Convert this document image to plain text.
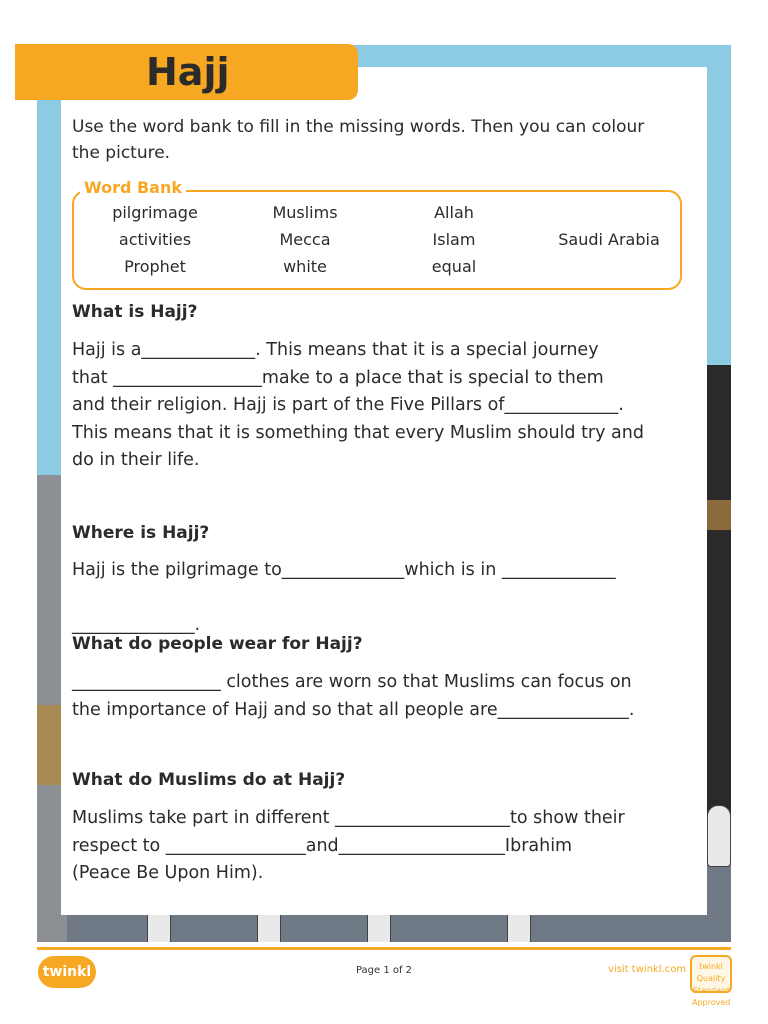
Hajj

Use the word bank to fill in the missing words. Then you can colour the picture.

Word Bank
pilgrimage	Muslims	Allah
activities	Mecca	Islam	Saudi Arabia
Prophet	white	equal
What is Hajj?

Hajj is a_____________. This means that it is a special journey
that _________________make to a place that is special to them
and their religion. Hajj is part of the Five Pillars of_____________.
This means that it is something that every Muslim should try and
do in their life.

Where is Hajj?

Hajj is the pilgrimage to______________which is in _____________

______________.

What do people wear for Hajj?

_________________ clothes are worn so that Muslims can focus on
the importance of Hajj and so that all people are_______________.

What do Muslims do at Hajj?

Muslims take part in different ____________________to show their
respect to ________________and___________________Ibrahim
(Peace Be Upon Him).

twinkl	Page 1 of 2	visit twinkl.com	twinkl Quality Standard Approved
